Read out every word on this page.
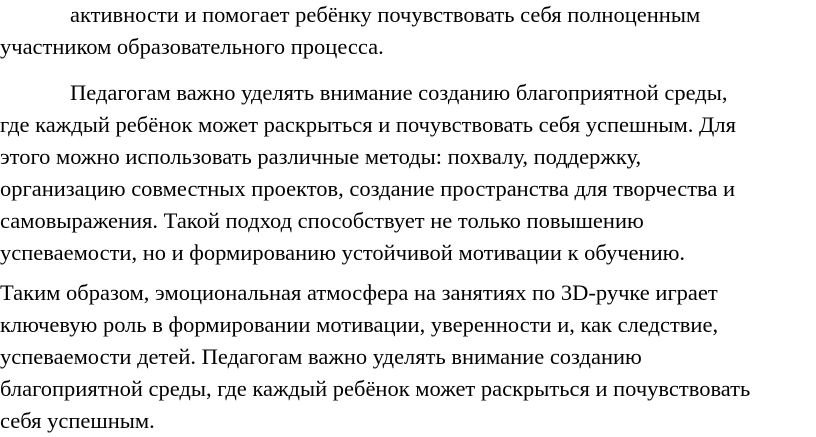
активности и помогает ребёнку почувствовать себя полноценным
участником образовательного процесса.
Педагогам важно уделять внимание созданию благоприятной среды,
где каждый ребёнок может раскрыться и почувствовать себя успешным. Для
этого можно использовать различные методы: похвалу, поддержку,
организацию совместных проектов, создание пространства для творчества и
самовыражения. Такой подход способствует не только повышению
успеваемости, но и формированию устойчивой мотивации к обучению.
Таким образом, эмоциональная атмосфера на занятиях по 3D-ручке играет
ключевую роль в формировании мотивации, уверенности и, как следствие,
успеваемости детей. Педагогам важно уделять внимание созданию
благоприятной среды, где каждый ребёнок может раскрыться и почувствовать
себя успешным.
